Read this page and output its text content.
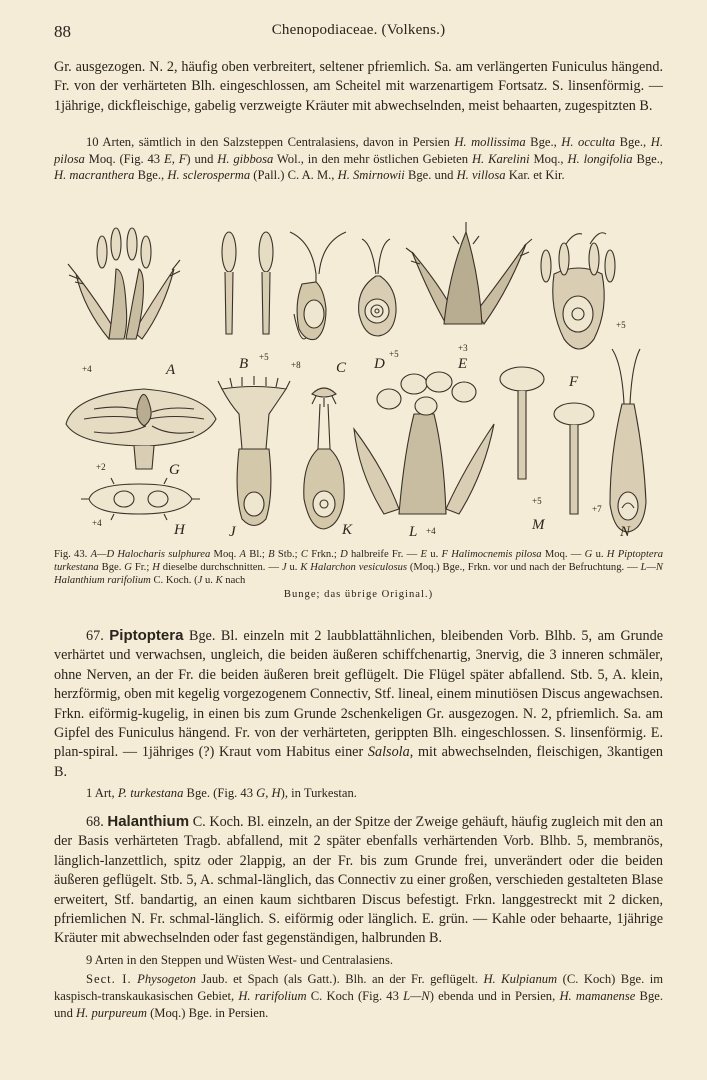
88	Chenopodiaceae. (Volkens.)

Gr. ausgezogen. N. 2, häufig oben verbreitert, seltener pfriemlich. Sa. am verlängerten Funiculus hängend. Fr. von der verhärteten Blh. eingeschlossen, am Scheitel mit warzenartigem Fortsatz. S. linsenförmig. — 1jährige, dickfleischige, gabelig verzweigte Kräuter mit abwechselnden, meist behaarten, zugespitzten B.

10 Arten, sämtlich in den Salzsteppen Centralasiens, davon in Persien H. mollissima Bge., H. occulta Bge., H. pilosa Moq. (Fig. 43 E, F) und H. gibbosa Wol., in den mehr östlichen Gebieten H. Karelini Moq., H. longifolia Bge., H. macranthera Bge., H. sclerosperma (Pall.) C. A. M., H. Smirnowii Bge. und H. villosa Kar. et Kir.

A
+4	B +5
C
+8	D
+5
E
+3
F
+5
G
+2
H
+4
J	K	L +4	M
+5
N
+7

Fig. 43. A—D Halocharis sulphurea Moq. A Bl.; B Stb.; C Frkn.; D halbreife Fr. — E u. F Halimocnemis pilosa Moq. — G u. H Piptoptera turkestana Bge. G Fr.; H dieselbe durchschnitten. — J u. K Halarchon vesiculosus (Moq.) Bge., Frkn. vor und nach der Befruchtung. — L—N Halanthium rarifolium C. Koch. (J u. K nach
Bunge; das übrige Original.)

67. Piptoptera Bge. Bl. einzeln mit 2 laubblattähnlichen, bleibenden Vorb. Blhb. 5, am Grunde verhärtet und verwachsen, ungleich, die beiden äußeren schiffchenartig, 3nervig, die 3 inneren schmäler, ohne Nerven, an der Fr. die beiden äußeren breit geflügelt. Die Flügel später abfallend. Stb. 5, A. klein, herzförmig, oben mit kegelig vorgezogenem Connectiv, Stf. lineal, einem minutiösen Discus angewachsen. Frkn. eiförmig-kugelig, in einen bis zum Grunde 2schenkeligen Gr. ausgezogen. N. 2, pfriemlich. Sa. am Gipfel des Funiculus hängend. Fr. von der verhärteten, gerippten Blh. eingeschlossen. S. linsenförmig. E. plan-spiral. — 1jähriges (?) Kraut vom Habitus einer Salsola, mit abwechselnden, fleischigen, 3kantigen B.

1 Art, P. turkestana Bge. (Fig. 43 G, H), in Turkestan.

68. Halanthium C. Koch. Bl. einzeln, an der Spitze der Zweige gehäuft, häufig zugleich mit den an der Basis verhärteten Tragb. abfallend, mit 2 später ebenfalls verhärtenden Vorb. Blhb. 5, membranös, länglich-lanzettlich, spitz oder 2lappig, an der Fr. bis zum Grunde frei, unverändert oder die beiden äußeren geflügelt. Stb. 5, A. schmal-länglich, das Connectiv zu einer großen, verschieden gestalteten Blase erweitert, Stf. bandartig, an einen kaum sichtbaren Discus befestigt. Frkn. langgestreckt mit 2 dicken, pfriemlichen N. Fr. schmal-länglich. S. eiförmig oder länglich. E. grün. — Kahle oder behaarte, 1jährige Kräuter mit abwechselnden oder fast gegenständigen, halbrunden B.

9 Arten in den Steppen und Wüsten West- und Centralasiens.

Sect. I. Physogeton Jaub. et Spach (als Gatt.). Blh. an der Fr. geflügelt. H. Kulpianum (C. Koch) Bge. im kaspisch-transkaukasischen Gebiet, H. rarifolium C. Koch (Fig. 43 L—N) ebenda und in Persien, H. mamanense Bge. und H. purpureum (Moq.) Bge. in Persien.
